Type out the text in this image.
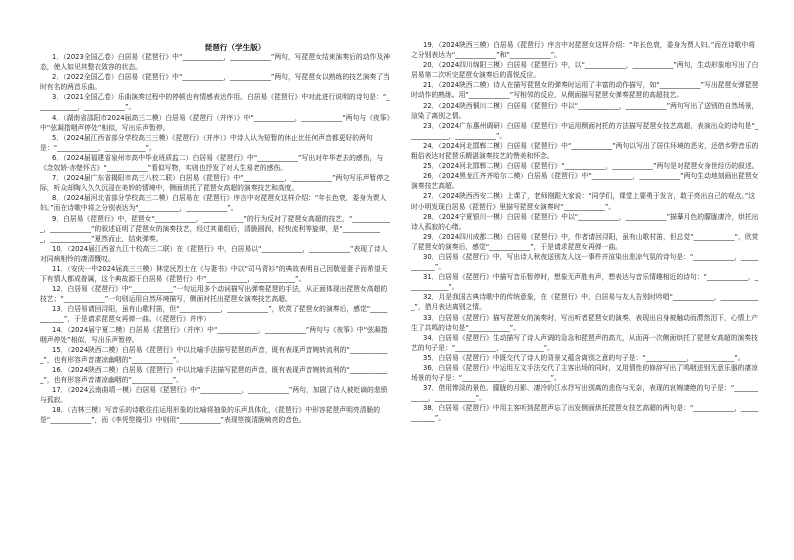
琵琶行（学生版）

1．（2023全国乙卷）白居易《琵琶行》中“____________，____________”两句，写琵琶女结束演奏后的动作及神态，使人如见其整衣敛容的状态。

2．（2022全国乙卷）白居易《琵琶行》中“____________，____________”两句，写琵琶女以熟练的技艺演奏了当时有名的两首乐曲。

3．（2021全国乙卷）乐曲演奏过程中的停顿也有情感表达作用。白居易《琵琶行》中对此进行说明的诗句是：“____________，____________”。

4．（湖南省邵阳市2024届高三二模）白居易《琵琶行（并序）》中“____________，____________”两句与《夜筝》中“弦凝指咽声停处”相似，写出乐声暂停。

5．（2024届江西省部分学校高三三模）《琵琶行》（并序）》中诗人认为短暂的休止比任何声音都更好的两句是：“____________，____________”。

6．（2024届福建省泉州市高中毕业班质监二）白居易《琵琶行》中“____________”写出对年华老去的感伤，与《念奴娇·赤壁怀古》“____________”看似写物，实则也抒发了对人生易老的感伤。

7．（2024届广东省揭阳市高三八校二联）白居易《琵琶行》中“____________，____________”两句写乐声暂停之际，听众却陶入久久沉浸在美妙的情境中，侧面烘托了琵琶女高超的演奏技艺和高度。

8．（2024届河北省部分学校高三二模）白居易在《琵琶行》序言中对琵琶女这样介绍：“年长色衰，委身为贾人妇。”而在诗歌中将之分别表达为“____________，____________”。

9．白居易《琵琶行》中，琵琶女“____________，____________”的行为反衬了琵琶女高超的技艺，“____________，____________”的叙述证明了琵琶女的演奏技艺，经过其重组后，清脆圆润，轻快流利等旋律，是“____________，____________”夏然而止，结束弹奏。

10．（2024届江西省九江十校高三二联）在《琵琶行》中，白居易以“____________，____________”表现了诗人对同病相怜的凄清慨叹。

11．（安庆一中2024届高三三模）林觉民烈士在《与妻书》中以“司马青衫”的典故表明自己因敬爱妻子而希望天下有情人都成眷属，这个典故源于白居易《琵琶行》中“____________，____________”。

12．白居易《琵琶行》中“____________”一句运用多个动词描写出弹奏琵琶的手法，从正面体现出琵琶女高超的技艺；“____________”一句则运用自然环境描写，侧面衬托出琵琶女演奏技艺高超。

13．白居易请回浔阳，虽有山歌村笛，但“____________，____________”，欣赏了琵琶女的演奏后，感觉“____________”，于是请求琵琶女再弹一曲。（《琵琶行》并序）

14．（2024届宁夏二模）白居易《琵琶行》（并序）中“____________，____________”两句与《夜筝》中“弦凝指咽声停处”相似，写出乐声暂停。

15．（2024陕西二模）白居易《琵琶行》中以比喻手法描写琵琶的声音，既有表现声音婉转流利的“____________”，也有形容声音凄凉幽咽的“____________”。

16．（2024陕西二模）白居易《琵琶行》中以比喻手法描写琵琶的声音，既有表现声音婉转流利的“____________”，也有形容声音凄凉幽咽的“____________”。

17．（2024云南曲靖一模）白居易《琵琶行》中“____________，____________”两句，加剧了诗人被贬谪的悲愤与孤寂。

18．（吉林三模）写音乐的诗歌往往运用形象的比喻将抽象的乐声具体化，《琵琶行》中形容琵琶声明亮清脆的是“____________”，而《李凭箜篌引》中则用“____________”表现箜篌清脆响亮的音色。

19．（2024陕西三模）白居易《琵琶行》序言中对琵琶女这样介绍：“年长色衰，委身为贾人妇。”而在诗歌中将之分别表达为“____________”和“____________”。

20．（2024四川绵阳三模）白居易《琵琶行》中，以“____________，____________”两句，生动形象地写出了白居易第二次听完琵琶女演奏后的喜悦反应。

21．（2024陕西二模）诗人在描写琵琶女的弹奏时运用了丰富的动作描写，如“____________”写出琵琶女弹琵琶时动作的熟练。用“____________”写相邻的反应，从侧面描写琵琶女弹奏琵琶的高超技艺。

22．（2024陕西铜川二模）白居易《琵琶行》中以“____________，____________”两句写出了送别的自然场景，渲染了离别之情。

23．（2024广东惠州调研）白居易《琵琶行》中运用侧面衬托的方法描写琵琶女技艺高超，表演出众的诗句是“____________，____________”。

24．（2024河北邯郸二模）白居易《琵琶行》中“____________”两句以写出了居住环境的恶劣，还借乡野音乐的粗俗表达对琵琶乐精湛演奏技艺的赞美和怀念。

25．（2024河北邯郸二模）白居易《琵琶行》“____________，____________”两句是对琵琶女身世经历的叙述。

26．（2024黑龙江齐齐哈尔二模）白居易《琵琶行》中“____________，____________”两句生动地刻画出琵琶女演奏技艺高超。

27．（2024陕西西安二模）上课了，老师刚跟大家说：“同学们，课堂上要勇于发言，敢于亮出自己的观点。”这时小明发现白居易《琵琶行》里描写琵琶女演奏时“____________”。

28．（2024宁夏银川一模）白居易《琵琶行》中以“____________，____________”描摹月色的朦胧凄冷，烘托出诗人孤寂的心绪。

29．（2024四川成都二模）白居易《琵琶行》中，作者请回浔阳，虽有山歌村笛，但总觉“____________”，欣赏了琵琶女的演奏后，感觉“____________”，于是请求琵琶女再弹一曲。

30．白居易《琵琶行》中，写出诗人秋夜送别友人这一事件并渲染出悲凉气氛的诗句是：“____________，____________”。

31．白居易《琵琶行》中描写音乐暂停时，想象无声胜有声，想表达与音乐情趣相近的诗句：“____________，____________”。

32．月是我国古典诗歌中的传统意象，在《琵琶行》中，白居易与友人告别时吟唱“____________，____________”，借月表达离别之情。

33．白居易《琵琶行》描写琵琶女的演奏时，写出听者琵琶女的演奏，表现出自身被触动而潸然泪下，心情上产生了共鸣的诗句是“____________”。

34．白居易《琵琶行》生动描写了诗人声调的急急和琵琶声的高亢，从而再一次侧面烘托了琵琶女高超的演奏技艺的句子是：“____________，____________”。

35．白居易《琵琶行》中既交代了诗人的背景又蕴含离别之意的句子是：“____________，____________”。

36．白居易《琵琶行》中运用互文手法交代了主客出场的同时，又用情性的修辞写出了鸣咽送别无意乐器的凄凉场景的句子是：“____________，____________”。

37．借用惨淡的景色、朦胧的月影、凄冷的江水抒写出别离的悲伤与无奈，表现的哀婉凄绝的句子是：“____________，____________”。

38．白居易《琵琶行》中用主客听到琵琶声忘了出发侧面烘托琵琶女技艺高超的两句是：“____________，____________”。
